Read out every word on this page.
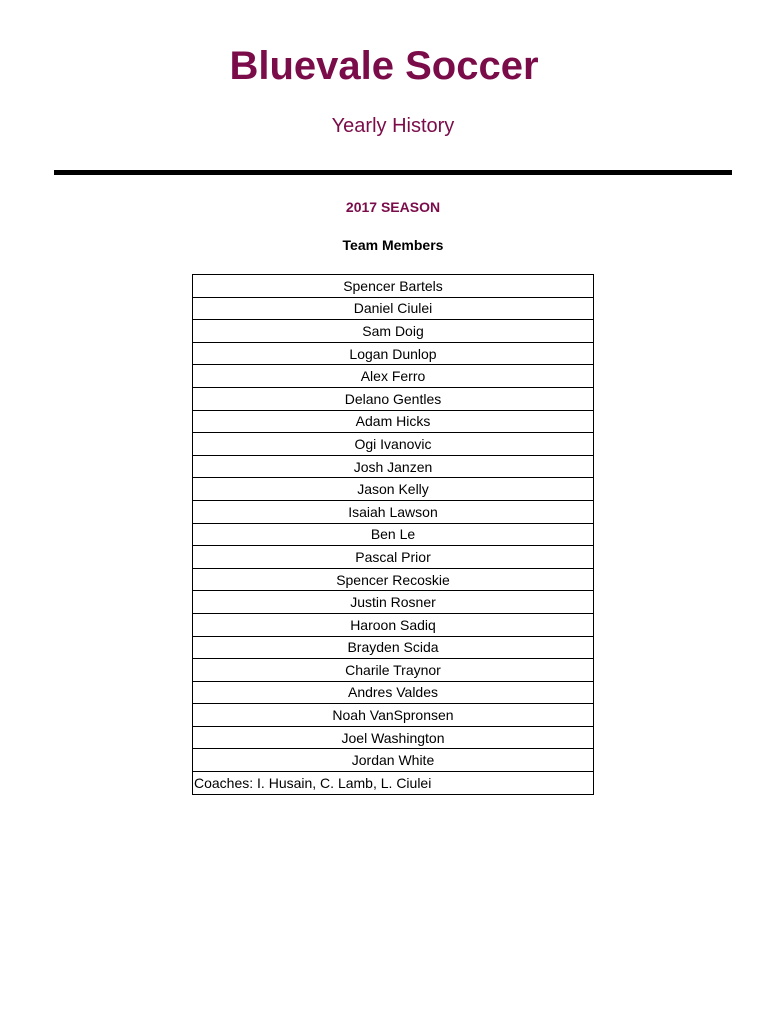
Bluevale Soccer
Yearly History
2017 SEASON
Team Members
Spencer Bartels
Daniel Ciulei
Sam Doig
Logan Dunlop
Alex Ferro
Delano Gentles
Adam Hicks
Ogi Ivanovic
Josh Janzen
Jason Kelly
Isaiah Lawson
Ben Le
Pascal Prior
Spencer Recoskie
Justin Rosner
Haroon Sadiq
Brayden Scida
Charile Traynor
Andres Valdes
Noah VanSpronsen
Joel Washington
Jordan White
Coaches: I. Husain, C. Lamb, L. Ciulei
